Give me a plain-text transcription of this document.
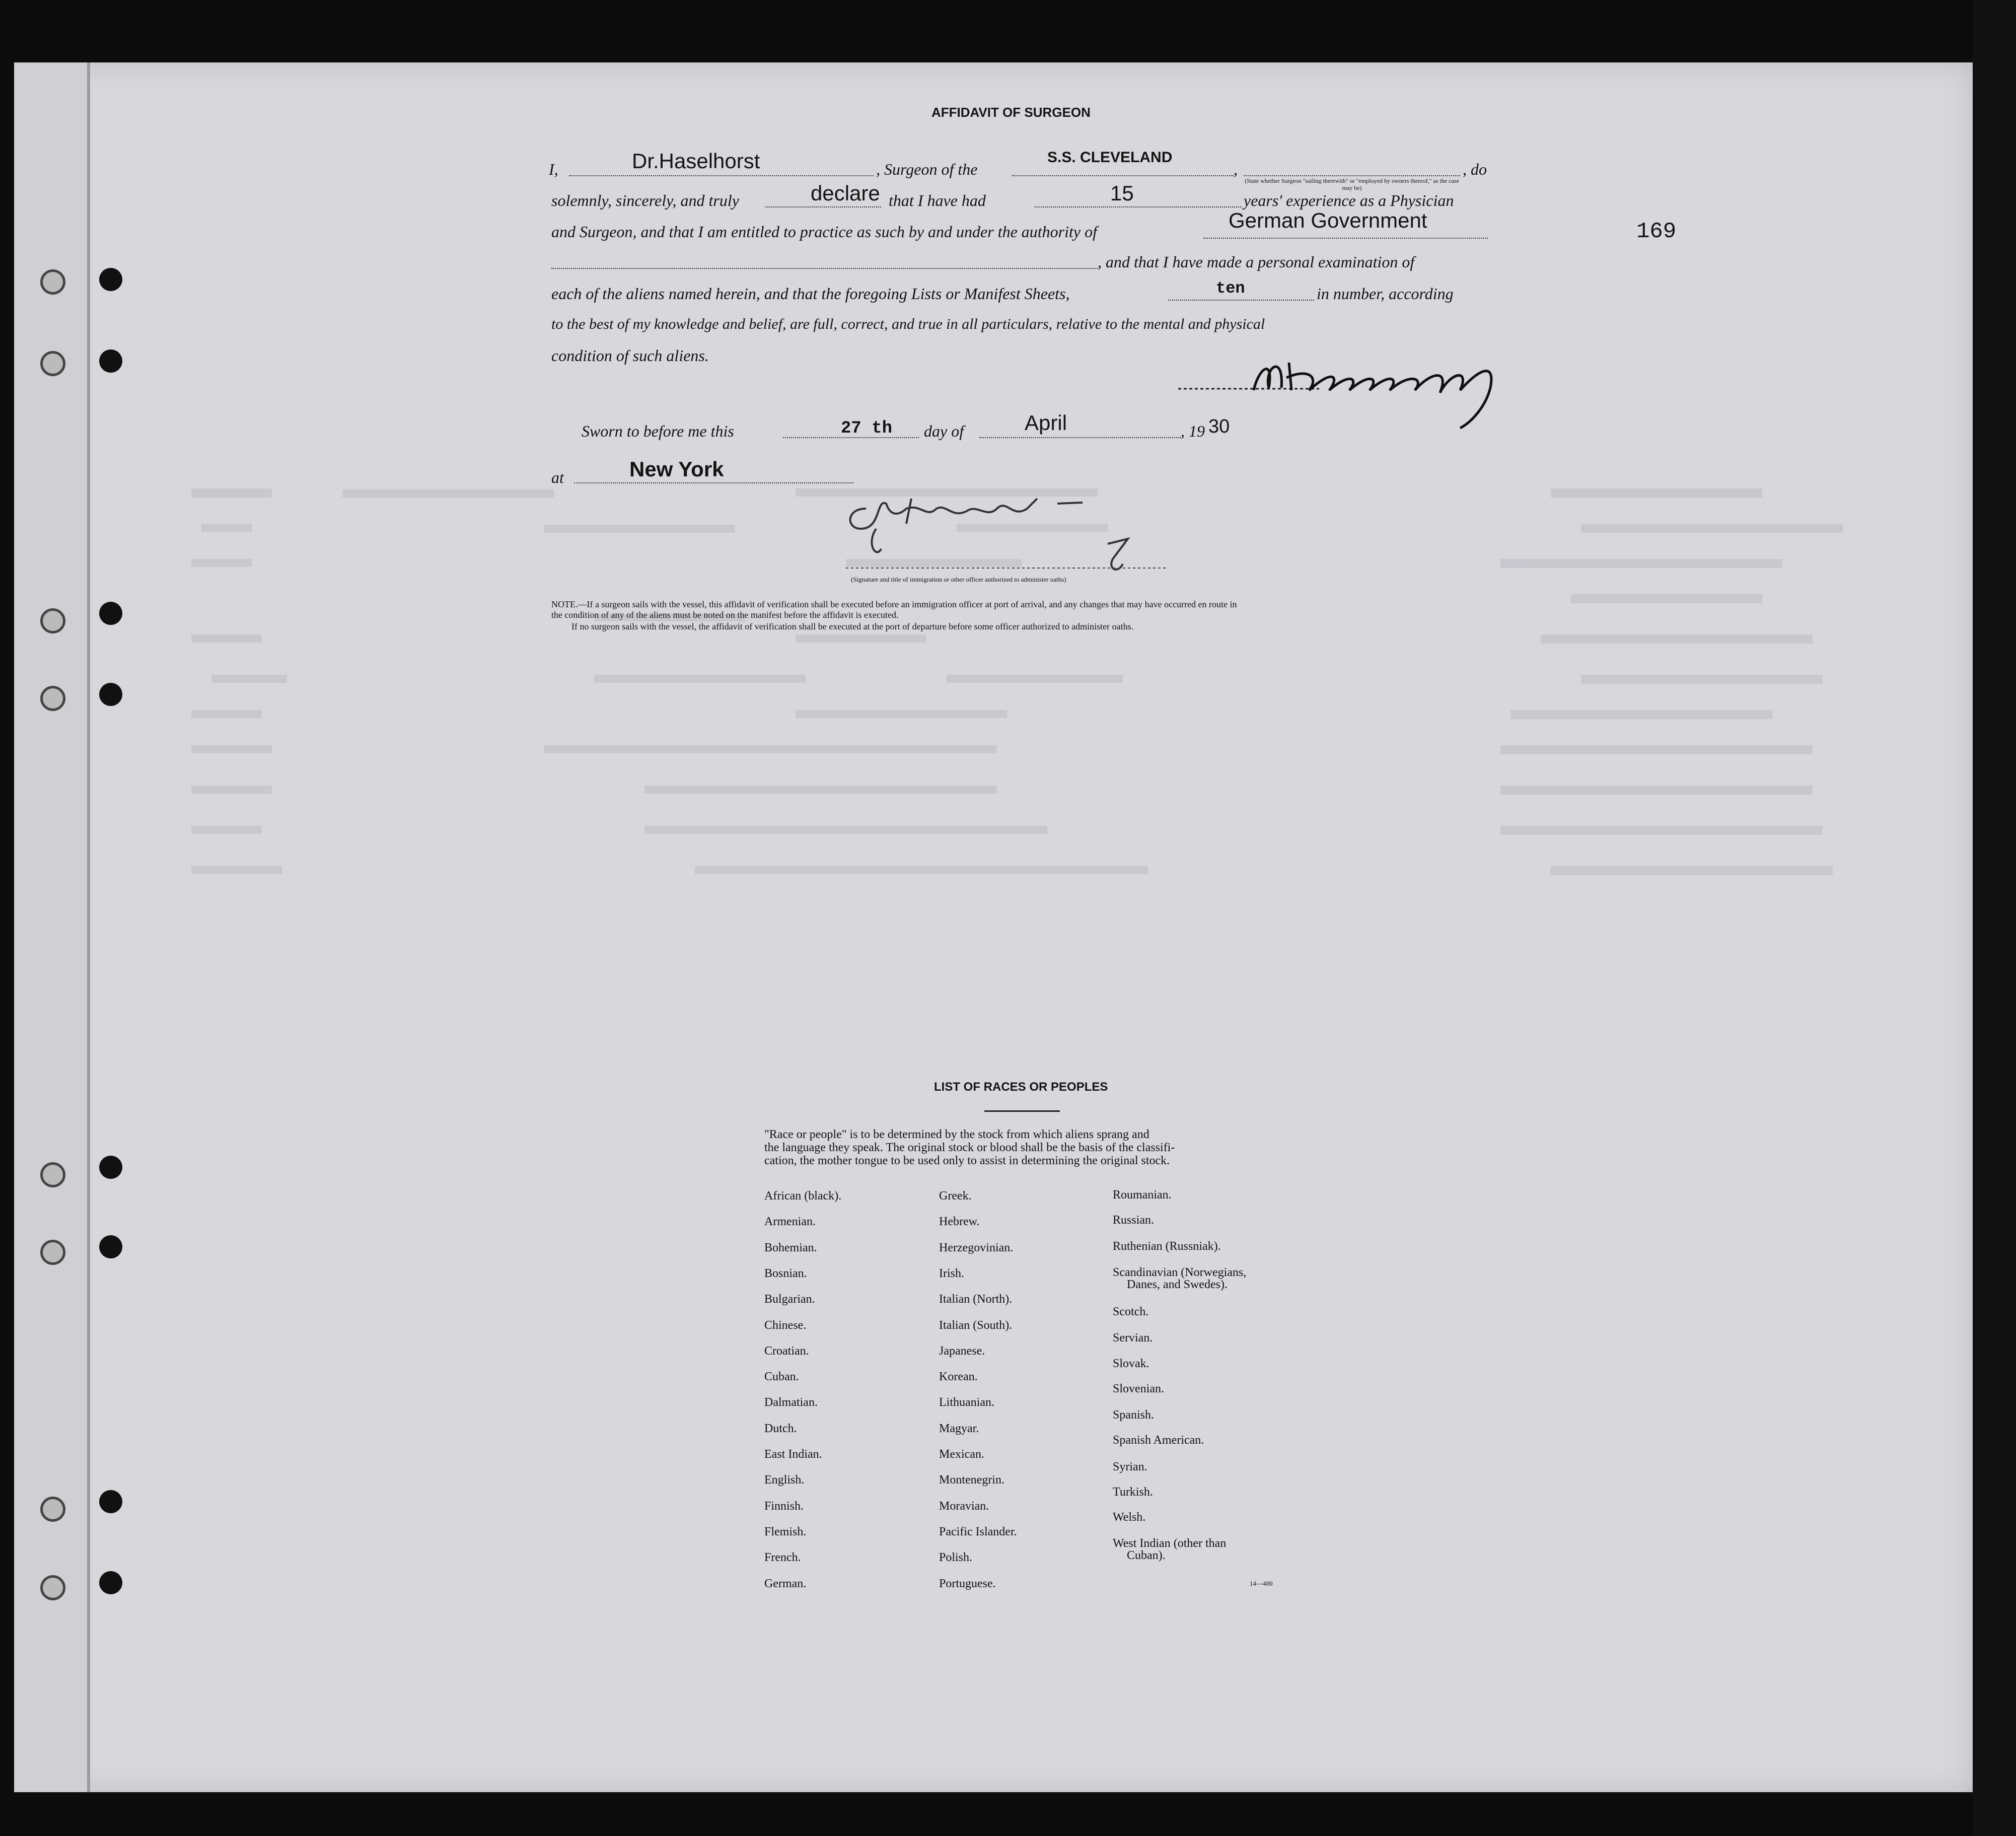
169
AFFIDAVIT OF SURGEON
I,	Dr.Haselhorst	, Surgeon of the
S.S. CLEVELAND
,	, do
(State whether Surgeon "sailing therewith" or "employed by owners thereof," as the case may be)
solemnly, sincerely, and truly	declare that I have had	15	years' experience as a Physician
and Surgeon, and that I am entitled to practice as such by and under the authority of	German Government
, and that I have made a personal examination of
each of the aliens named herein, and that the foregoing Lists or Manifest Sheets,	ten	in number, according
to the best of my knowledge and belief, are full, correct, and true in all particulars, relative to the mental and physical
condition of such aliens.
Sworn to before me this	27 th day of	April	, 19 30
at	New York
(Signature and title of immigration or other officer authorized to administer oaths)
NOTE.—If a surgeon sails with the vessel, this affidavit of verification shall be executed before an immigration officer at port of arrival, and any changes that may have occurred en route in
the condition of any of the aliens must be noted on the manifest before the affidavit is executed.
If no surgeon sails with the vessel, the affidavit of verification shall be executed at the port of departure before some officer authorized to administer oaths.
LIST OF RACES OR PEOPLES
"Race or people" is to be determined by the stock from which aliens sprang and
the language they speak. The original stock or blood shall be the basis of the classifi-
cation, the mother tongue to be used only to assist in determining the original stock.
African (black).
Armenian.
Bohemian.
Bosnian.
Bulgarian.
Chinese.
Croatian.
Cuban.
Dalmatian.
Dutch.
East Indian.
English.
Finnish.
Flemish.
French.
German.
Greek.
Hebrew.
Herzegovinian.
Irish.
Italian (North).
Italian (South).
Japanese.
Korean.
Lithuanian.
Magyar.
Mexican.
Montenegrin.
Moravian.
Pacific Islander.
Polish.
Portuguese.
Roumanian.
Russian.
Ruthenian (Russniak).
Scandinavian (Norwegians,
Danes, and Swedes).
Scotch.
Servian.
Slovak.
Slovenian.
Spanish.
Spanish American.
Syrian.
Turkish.
Welsh.
West Indian (other than
Cuban).
14—400
